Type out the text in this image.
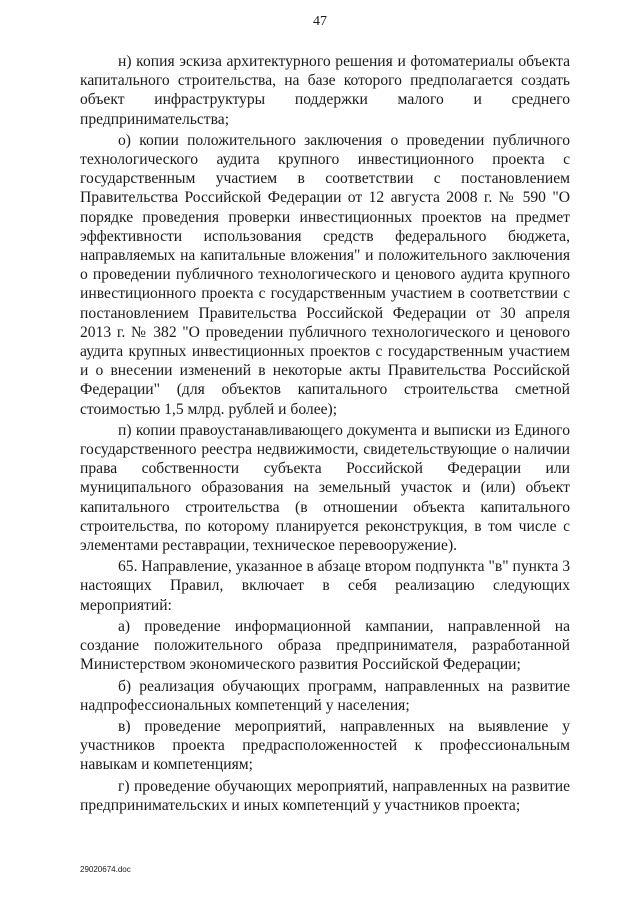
47

н) копия эскиза архитектурного решения и фотоматериалы объекта капитального строительства, на базе которого предполагается создать объект инфраструктуры поддержки малого и среднего предпринимательства;

о) копии положительного заключения о проведении публичного технологического аудита крупного инвестиционного проекта с государственным участием в соответствии с постановлением Правительства Российской Федерации от 12 августа 2008 г. № 590 "О порядке проведения проверки инвестиционных проектов на предмет эффективности использования средств федерального бюджета, направляемых на капитальные вложения" и положительного заключения о проведении публичного технологического и ценового аудита крупного инвестиционного проекта с государственным участием в соответствии с постановлением Правительства Российской Федерации от 30 апреля 2013 г. № 382 "О проведении публичного технологического и ценового аудита крупных инвестиционных проектов с государственным участием и о внесении изменений в некоторые акты Правительства Российской Федерации" (для объектов капитального строительства сметной стоимостью 1,5 млрд. рублей и более);

п) копии правоустанавливающего документа и выписки из Единого государственного реестра недвижимости, свидетельствующие о наличии права собственности субъекта Российской Федерации или муниципального образования на земельный участок и (или) объект капитального строительства (в отношении объекта капитального строительства, по которому планируется реконструкция, в том числе с элементами реставрации, техническое перевооружение).

65. Направление, указанное в абзаце втором подпункта "в" пункта 3 настоящих Правил, включает в себя реализацию следующих мероприятий:

а) проведение информационной кампании, направленной на создание положительного образа предпринимателя, разработанной Министерством экономического развития Российской Федерации;

б) реализация обучающих программ, направленных на развитие надпрофессиональных компетенций у населения;

в) проведение мероприятий, направленных на выявление у участников проекта предрасположенностей к профессиональным навыкам и компетенциям;

г) проведение обучающих мероприятий, направленных на развитие предпринимательских и иных компетенций у участников проекта;

29020674.doc
